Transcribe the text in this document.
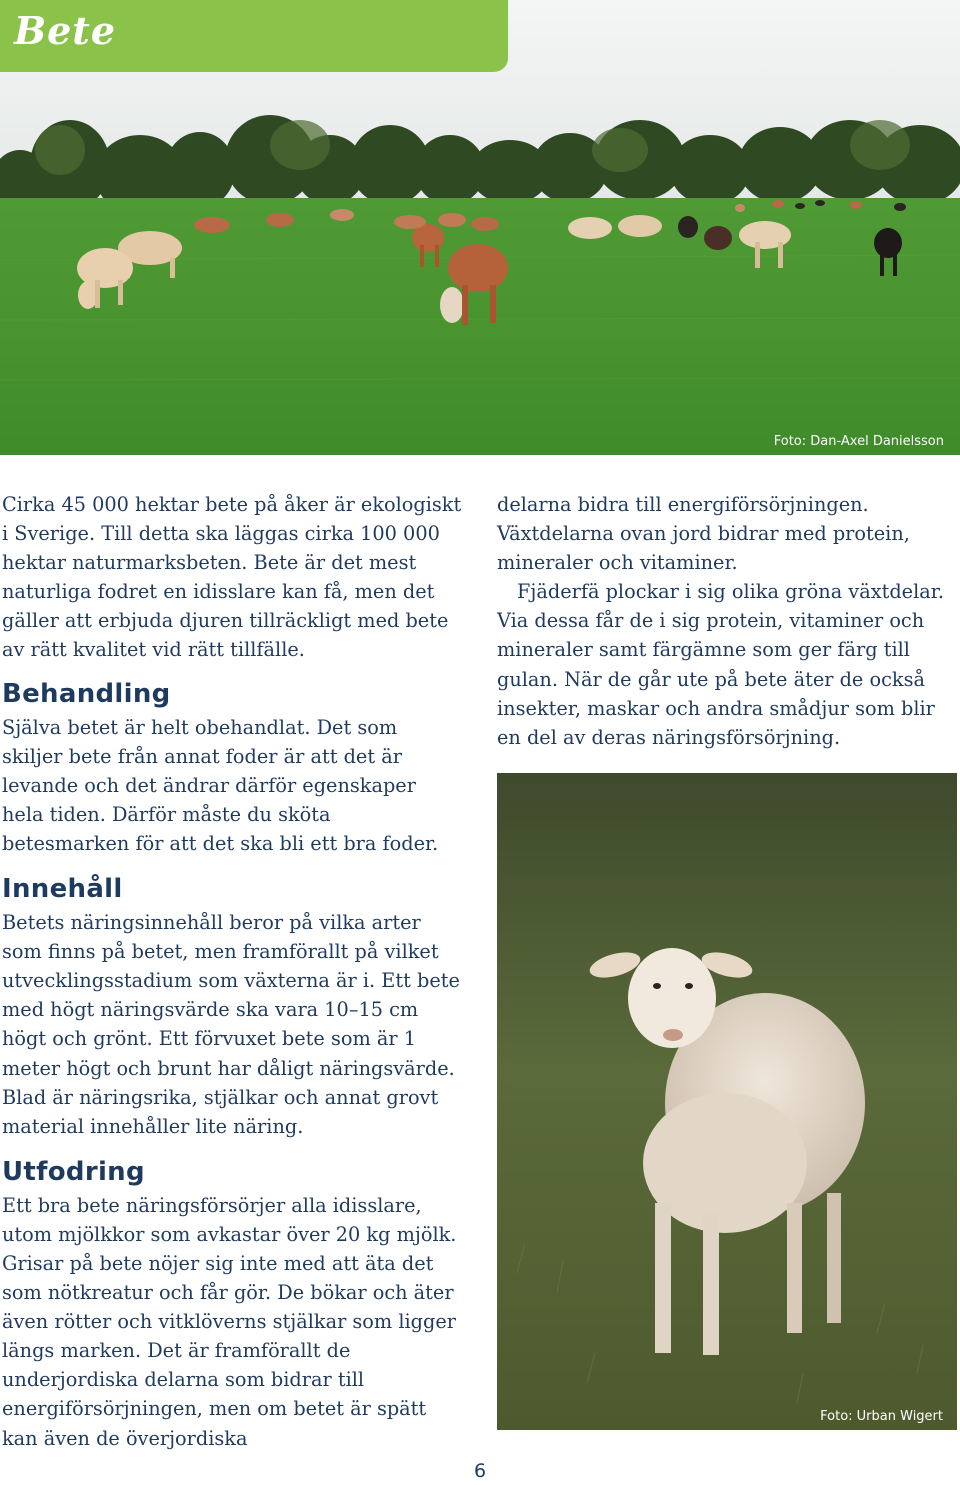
Bete
Foto: Dan-Axel Danielsson

Cirka 45 000 hektar bete på åker är ekologiskt i Sverige. Till detta ska läggas cirka 100 000 hektar naturmarksbeten. Bete är det mest naturliga fodret en idisslare kan få, men det gäller att erbjuda djuren tillräckligt med bete av rätt kvalitet vid rätt tillfälle.

Behandling

Själva betet är helt obehandlat. Det som skiljer bete från annat foder är att det är levande och det ändrar därför egenskaper hela tiden. Därför måste du sköta betesmarken för att det ska bli ett bra foder.

Innehåll

Betets näringsinnehåll beror på vilka arter som finns på betet, men framförallt på vilket utvecklingsstadium som växterna är i. Ett bete med högt näringsvärde ska vara 10–15 cm högt och grönt. Ett förvuxet bete som är 1 meter högt och brunt har dåligt näringsvärde. Blad är näringsrika, stjälkar och annat grovt material innehåller lite näring.

Utfodring

Ett bra bete näringsförsörjer alla idisslare, utom mjölkkor som avkastar över 20 kg mjölk. Grisar på bete nöjer sig inte med att äta det som nötkreatur och får gör. De bökar och äter även rötter och vitklöverns stjälkar som ligger längs marken. Det är framförallt de underjordiska delarna som bidrar till energiförsörjningen, men om betet är spätt kan även de överjordiska

delarna bidra till energiförsörjningen. Växtdelarna ovan jord bidrar med protein, mineraler och vitaminer.

Fjäderfä plockar i sig olika gröna växtdelar. Via dessa får de i sig protein, vitaminer och mineraler samt färgämne som ger färg till gulan. När de går ute på bete äter de också insekter, maskar och andra smådjur som blir en del av deras näringsförsörjning.

Foto: Urban Wigert
6
